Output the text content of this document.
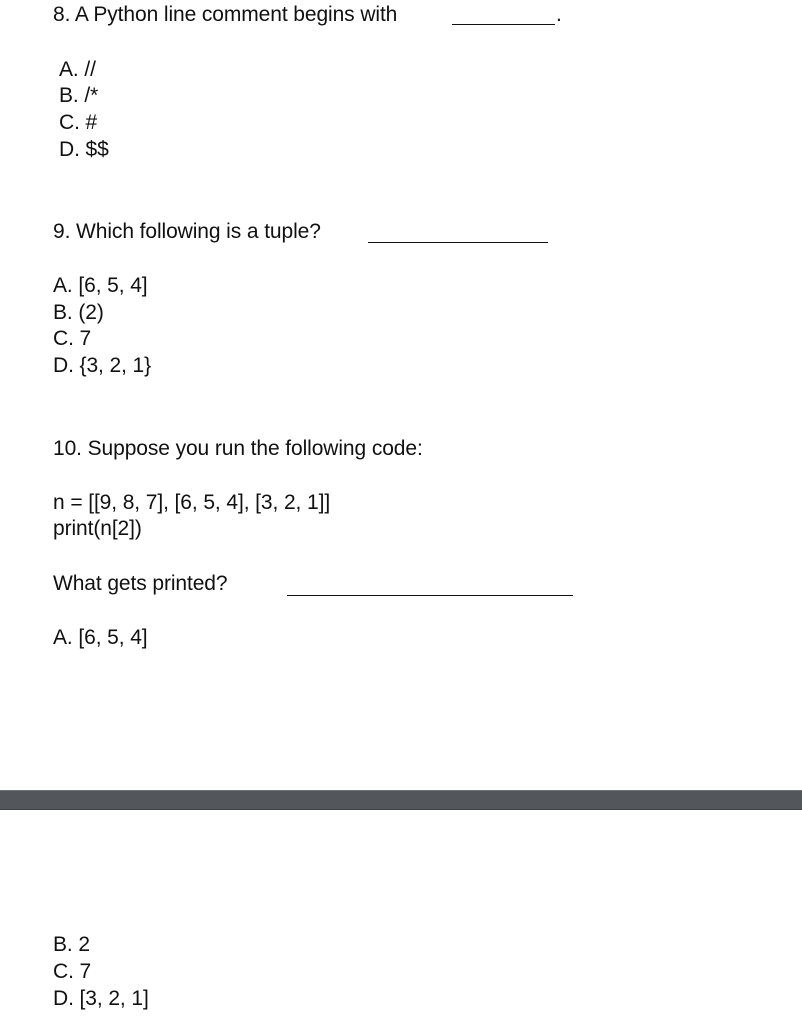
8. A Python line comment begins with	.
A. //
B. /*
C. #
D. $$
9. Which following is a tuple?
A. [6, 5, 4]
B. (2)
C. 7
D. {3, 2, 1}
10. Suppose you run the following code:
n = [[9, 8, 7], [6, 5, 4], [3, 2, 1]]
print(n[2])
What gets printed?
A. [6, 5, 4]
B. 2
C. 7
D. [3, 2, 1]
